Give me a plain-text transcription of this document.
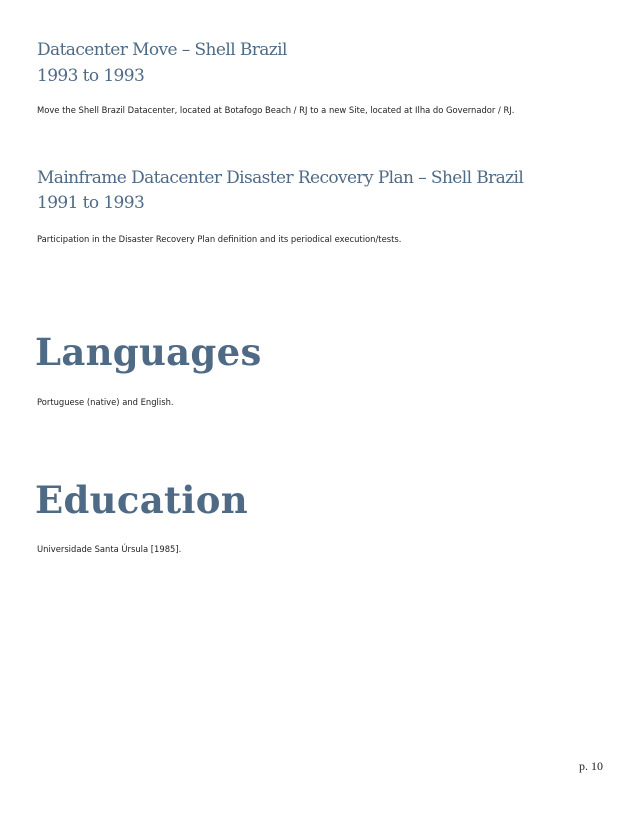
Datacenter Move – Shell Brazil
1993 to 1993

Move the Shell Brazil Datacenter, located at Botafogo Beach / RJ to a new Site, located at Ilha do Governador / RJ.

Mainframe Datacenter Disaster Recovery Plan – Shell Brazil
1991 to 1993

Participation in the Disaster Recovery Plan definition and its periodical execution/tests.

Languages

Portuguese (native) and English.

Education

Universidade Santa Úrsula [1985].

p. 10
